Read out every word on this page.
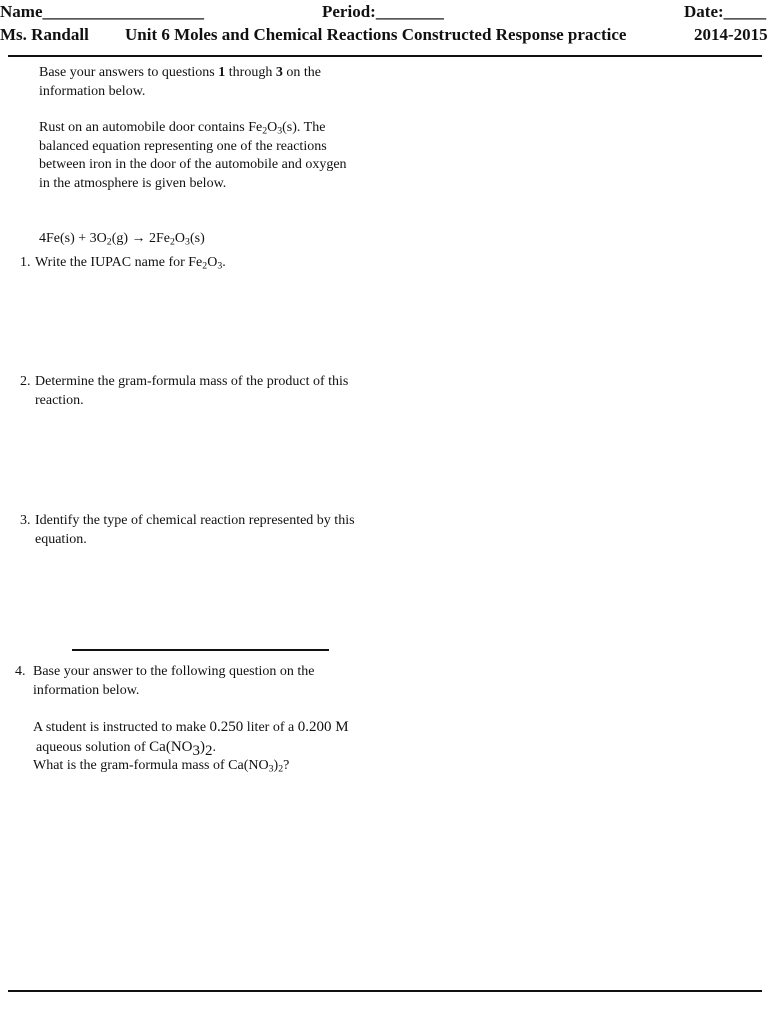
Name___________________	Period:________	Date:_____
Ms. Randall Unit 6 Moles and Chemical Reactions Constructed Response practice	2014-2015
Base your answers to questions 1 through 3 on the
information below.
Rust on an automobile door contains $Fe_2O_3(s)$. The
balanced equation representing one of the reactions
between iron in the door of the automobile and oxygen
in the atmosphere is given below.
$4Fe(s) + 3O_2(g) \to 2Fe_2O_3(s)$
1. Write the IUPAC name for $Fe_2O_3$.
2. Determine the gram-formula mass of the product of this
reaction.
3. Identify the type of chemical reaction represented by this
equation.
4. Base your answer to the following question on the
information below.
A student is instructed to make 0.250 liter of a 0.200 M
aqueous solution of $Ca(NO_3)_2$.
What is the gram-formula mass of $Ca(NO_3)_2$?
